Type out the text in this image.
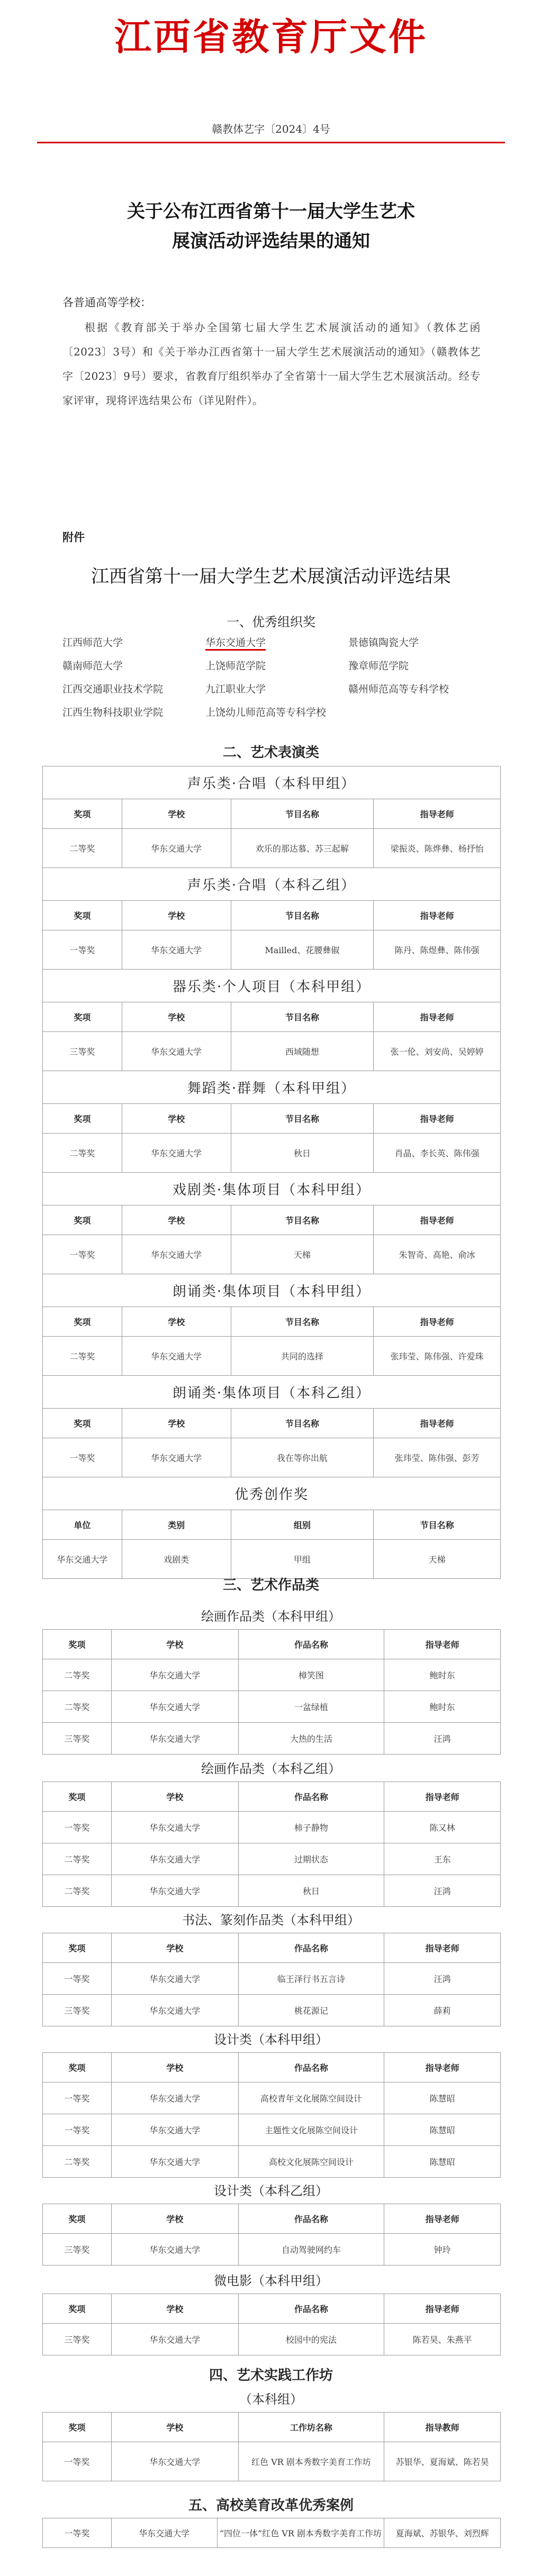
江西省教育厅文件
赣教体艺字〔2024〕4号
关于公布江西省第十一届大学生艺术
展演活动评选结果的通知
各普通高等学校：
根据《教育部关于举办全国第七届大学生艺术展演活动的通知》（教体艺函〔2023〕3号）和《关于举办江西省第十一届大学生艺术展演活动的通知》（赣教体艺字〔2023〕9号）要求，省教育厅组织举办了全省第十一届大学生艺术展演活动。经专家评审，现将评选结果公布（详见附件）。
附件
江西省第十一届大学生艺术展演活动评选结果
一、优秀组织奖
江西师范大学	华东交通大学	景德镇陶瓷大学
赣南师范大学	上饶师范学院	豫章师范学院
江西交通职业技术学院	九江职业大学	赣州师范高等专科学校
江西生物科技职业学院	上饶幼儿师范高等专科学校
二、艺术表演类
声乐类·合唱（本科甲组）			
奖项	学校	节目名称	指导老师
二等奖	华东交通大学	欢乐的那达慕、苏三起解	梁振炎、陈烨彝、杨抒怡
声乐类·合唱（本科乙组）			
奖项	学校	节目名称	指导老师
一等奖	华东交通大学	Mailled、花腰彝俶	陈丹、陈煜彝、陈伟强
器乐类·个人项目（本科甲组）			
奖项	学校	节目名称	指导老师
三等奖	华东交通大学	西域随想	张一伦、刘安尚、吴婷婷
舞蹈类·群舞（本科甲组）			
奖项	学校	节目名称	指导老师
二等奖	华东交通大学	秋日	肖晶、李长英、陈伟强
戏剧类·集体项目（本科甲组）			
奖项	学校	节目名称	指导老师
一等奖	华东交通大学	天梯	朱智奇、高艳、俞冰
朗诵类·集体项目（本科甲组）			
奖项	学校	节目名称	指导老师
二等奖	华东交通大学	共同的选择	张玮莹、陈伟强、许爱珠
朗诵类·集体项目（本科乙组）			
奖项	学校	节目名称	指导老师
一等奖	华东交通大学	我在等你出航	张玮莹、陈伟强、彭芳
优秀创作奖			
单位	类别	组别	节目名称
华东交通大学	戏剧类	甲组	天梯
三、艺术作品类
绘画作品类（本科甲组）
奖项	学校	作品名称	指导老师
二等奖	华东交通大学	樟笑图	鲍时东
二等奖	华东交通大学	一盆绿植	鲍时东
三等奖	华东交通大学	大热的生活	汪鸿
绘画作品类（本科乙组）
奖项	学校	作品名称	指导老师
一等奖	华东交通大学	柿子静物	陈又林
二等奖	华东交通大学	过期状态	王东
二等奖	华东交通大学	秋日	汪鸿
书法、篆刻作品类（本科甲组）
奖项	学校	作品名称	指导老师
一等奖	华东交通大学	临王泽行书五言诗	汪鸿
三等奖	华东交通大学	桃花源记	薛莉
设计类（本科甲组）
奖项	学校	作品名称	指导老师
一等奖	华东交通大学	高校青年文化展陈空间设计	陈慧昭
一等奖	华东交通大学	主题性文化展陈空间设计	陈慧昭
二等奖	华东交通大学	高校文化展陈空间设计	陈慧昭
设计类（本科乙组）
奖项	学校	作品名称	指导老师
三等奖	华东交通大学	自动驾驶网约车	钟玲
微电影（本科甲组）
奖项	学校	作品名称	指导老师
三等奖	华东交通大学	校园中的宪法	陈若昊、朱燕平
四、艺术实践工作坊
（本科组）
奖项	学校	工作坊名称	指导教师
一等奖	华东交通大学	红色 VR 剧本秀数字美育工作坊	苏银华、夏海斌、陈若昊
五、高校美育改革优秀案例
一等奖	华东交通大学	“四位一体”红色 VR 剧本秀数字美育工作坊	夏海斌、苏银华、刘烈辉
